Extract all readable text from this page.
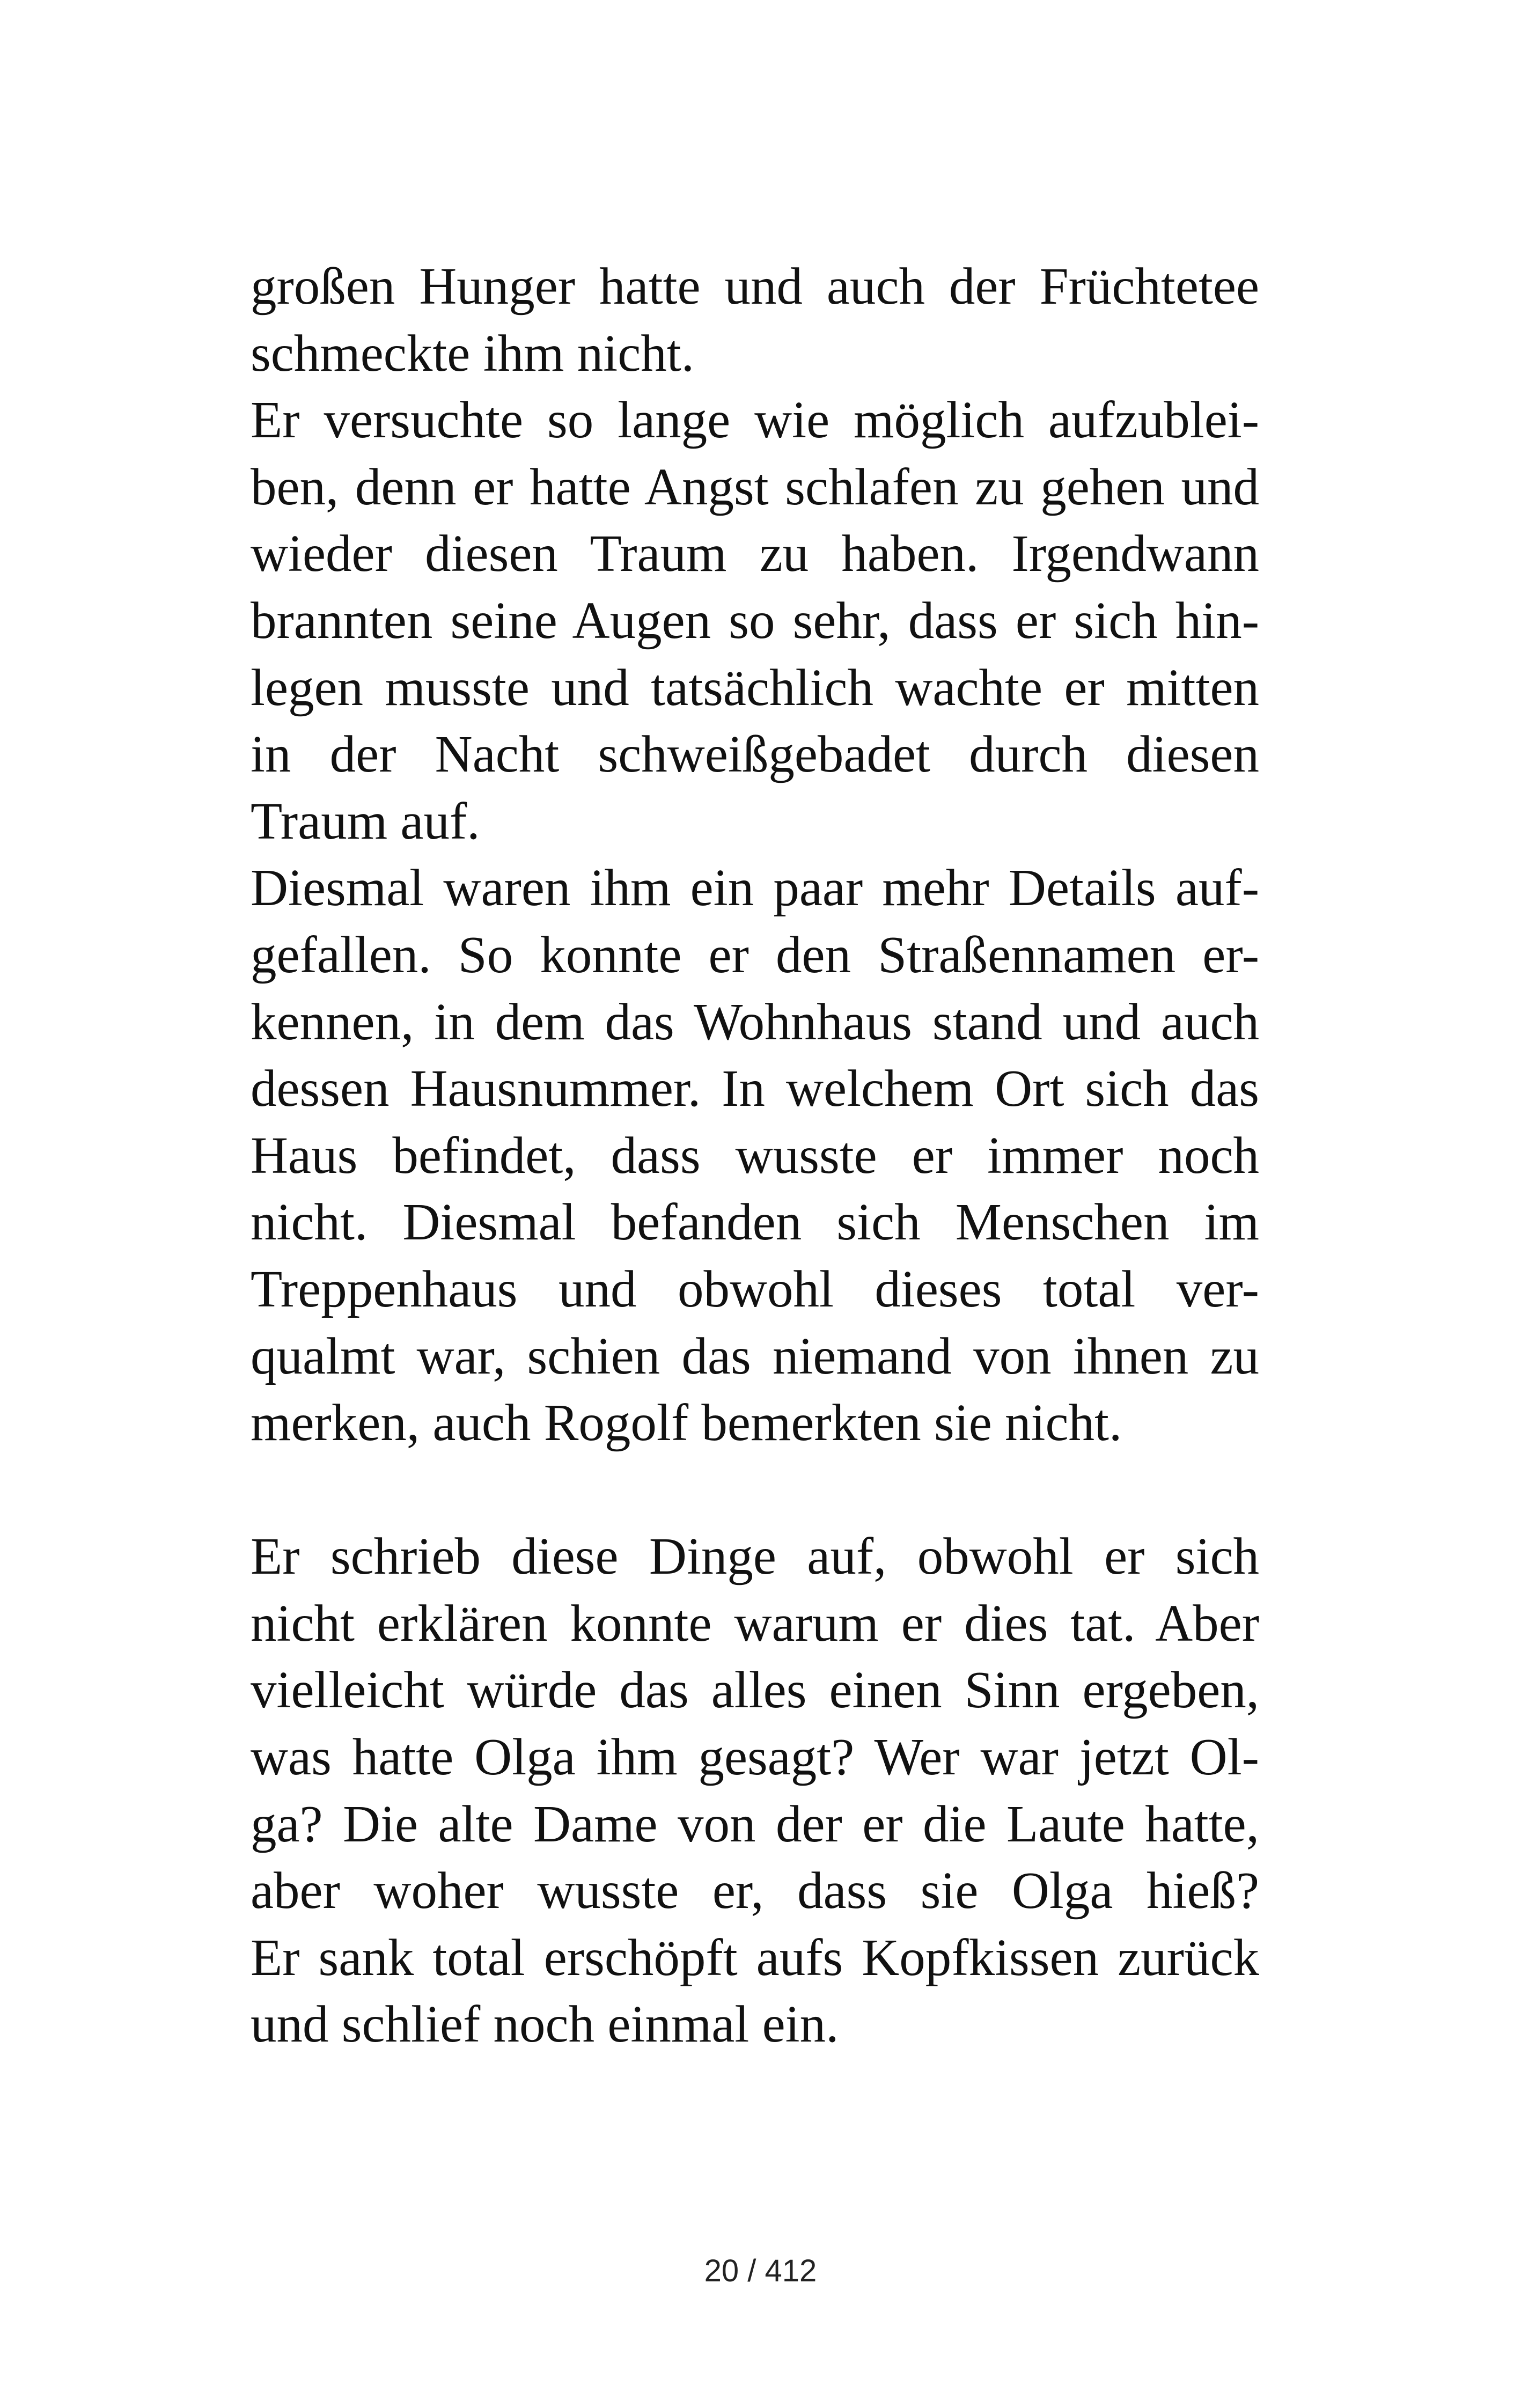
großen Hunger hatte und auch der Früchtetee
schmeckte ihm nicht.
Er versuchte so lange wie möglich aufzublei-
ben, denn er hatte Angst schlafen zu gehen und
wieder diesen Traum zu haben. Irgendwann
brannten seine Augen so sehr, dass er sich hin-
legen musste und tatsächlich wachte er mitten
in der Nacht schweißgebadet durch diesen
Traum auf.
Diesmal waren ihm ein paar mehr Details auf-
gefallen. So konnte er den Straßennamen er-
kennen, in dem das Wohnhaus stand und auch
dessen Hausnummer. In welchem Ort sich das
Haus befindet, dass wusste er immer noch
nicht. Diesmal befanden sich Menschen im
Treppenhaus und obwohl dieses total ver-
qualmt war, schien das niemand von ihnen zu
merken, auch Rogolf bemerkten sie nicht.
Er schrieb diese Dinge auf, obwohl er sich
nicht erklären konnte warum er dies tat. Aber
vielleicht würde das alles einen Sinn ergeben,
was hatte Olga ihm gesagt? Wer war jetzt Ol-
ga? Die alte Dame von der er die Laute hatte,
aber woher wusste er, dass sie Olga hieß?
Er sank total erschöpft aufs Kopfkissen zurück
und schlief noch einmal ein.
20 / 412
